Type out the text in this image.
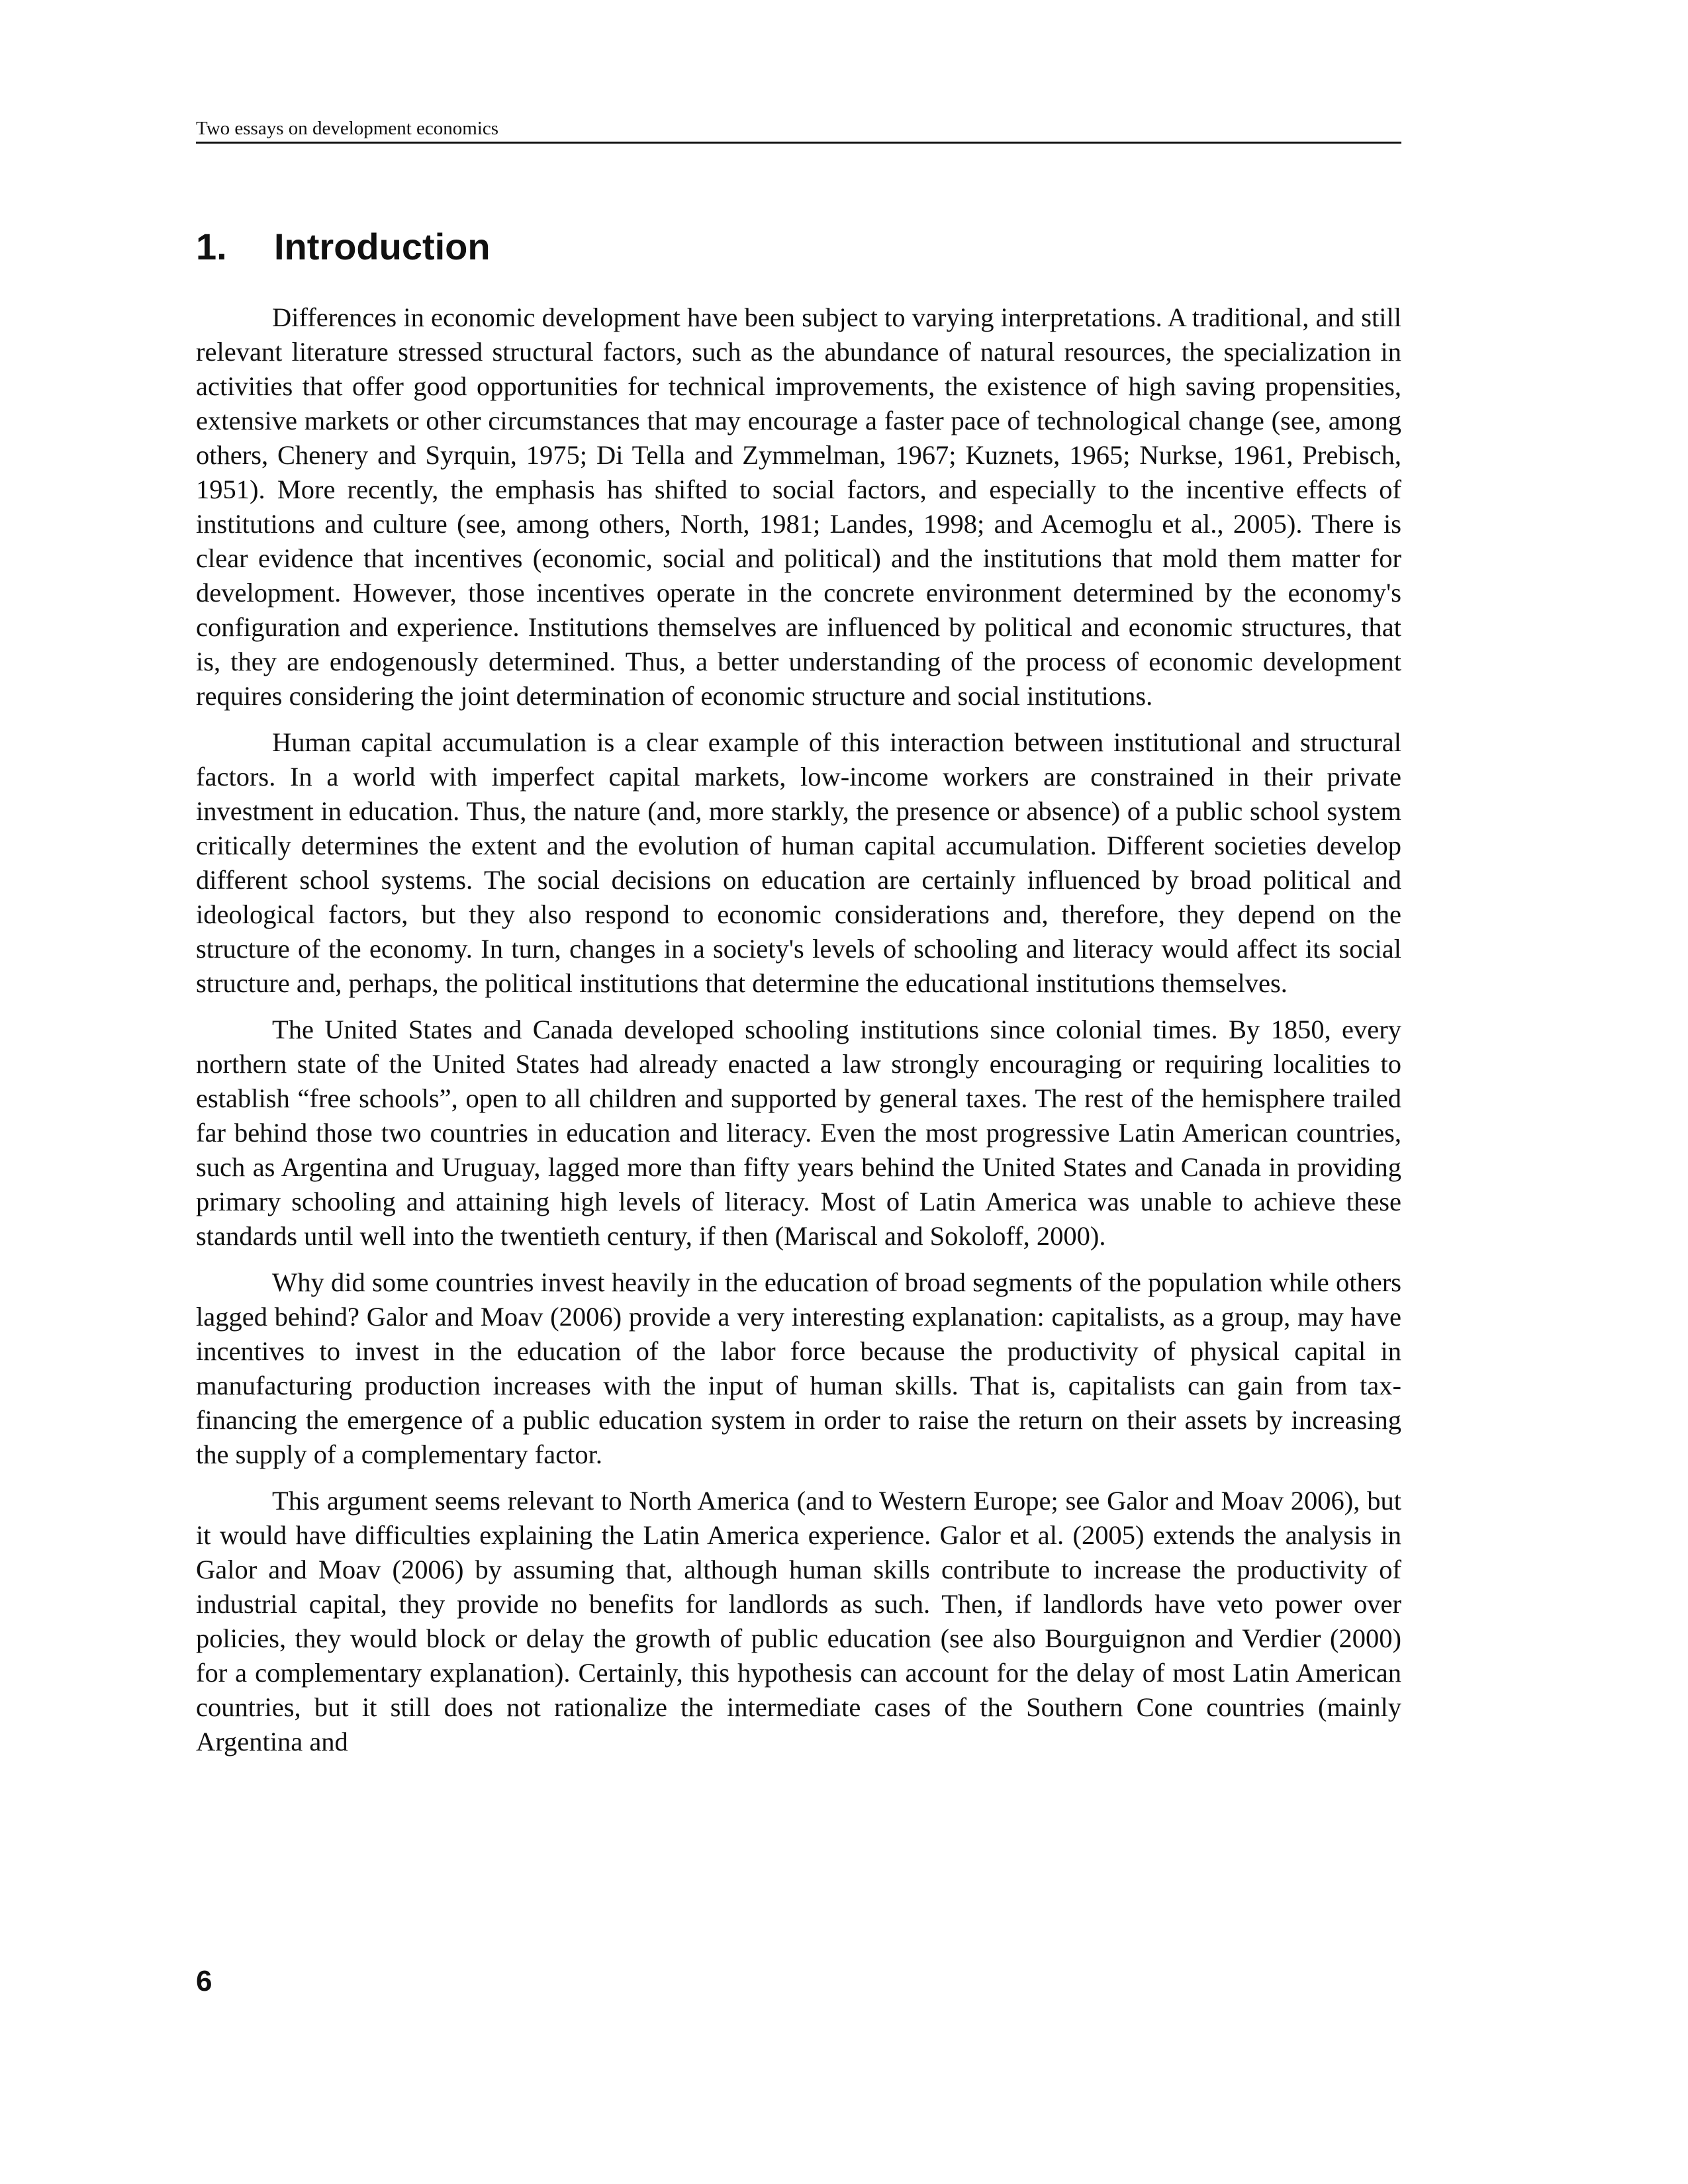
Two essays on development economics
1. Introduction

Differences in economic development have been subject to varying interpretations. A traditional, and still relevant literature stressed structural factors, such as the abundance of natural resources, the specialization in activities that offer good opportunities for technical improvements, the existence of high saving propensities, extensive markets or other circumstances that may encourage a faster pace of technological change (see, among others, Chenery and Syrquin, 1975; Di Tella and Zymmelman, 1967; Kuznets, 1965; Nurkse, 1961, Prebisch, 1951). More recently, the emphasis has shifted to social factors, and especially to the incentive effects of institutions and culture (see, among others, North, 1981; Landes, 1998; and Acemoglu et al., 2005). There is clear evidence that incentives (economic, social and political) and the institutions that mold them matter for development. However, those incentives operate in the concrete environment determined by the economy's configuration and experience. Institutions themselves are influenced by political and economic structures, that is, they are endogenously determined. Thus, a better understanding of the process of economic development requires considering the joint determination of economic structure and social institutions.

Human capital accumulation is a clear example of this interaction between institutional and structural factors. In a world with imperfect capital markets, low-income workers are constrained in their private investment in education. Thus, the nature (and, more starkly, the presence or absence) of a public school system critically determines the extent and the evolution of human capital accumulation. Different societies develop different school systems. The social decisions on education are certainly influenced by broad political and ideological factors, but they also respond to economic considerations and, therefore, they depend on the structure of the economy. In turn, changes in a society's levels of schooling and literacy would affect its social structure and, perhaps, the political institutions that determine the educational institutions themselves.

The United States and Canada developed schooling institutions since colonial times. By 1850, every northern state of the United States had already enacted a law strongly encouraging or requiring localities to establish “free schools”, open to all children and supported by general taxes. The rest of the hemisphere trailed far behind those two countries in education and literacy. Even the most progressive Latin American countries, such as Argentina and Uruguay, lagged more than fifty years behind the United States and Canada in providing primary schooling and attaining high levels of literacy. Most of Latin America was unable to achieve these standards until well into the twentieth century, if then (Mariscal and Sokoloff, 2000).

Why did some countries invest heavily in the education of broad segments of the population while others lagged behind? Galor and Moav (2006) provide a very interesting explanation: capitalists, as a group, may have incentives to invest in the education of the labor force because the productivity of physical capital in manufacturing production increases with the input of human skills. That is, capitalists can gain from tax-financing the emergence of a public education system in order to raise the return on their assets by increasing the supply of a complementary factor.

This argument seems relevant to North America (and to Western Europe; see Galor and Moav 2006), but it would have difficulties explaining the Latin America experience. Galor et al. (2005) extends the analysis in Galor and Moav (2006) by assuming that, although human skills contribute to increase the productivity of industrial capital, they provide no benefits for landlords as such. Then, if landlords have veto power over policies, they would block or delay the growth of public education (see also Bourguignon and Verdier (2000) for a complementary explanation). Certainly, this hypothesis can account for the delay of most Latin American countries, but it still does not rationalize the intermediate cases of the Southern Cone countries (mainly Argentina and

6
